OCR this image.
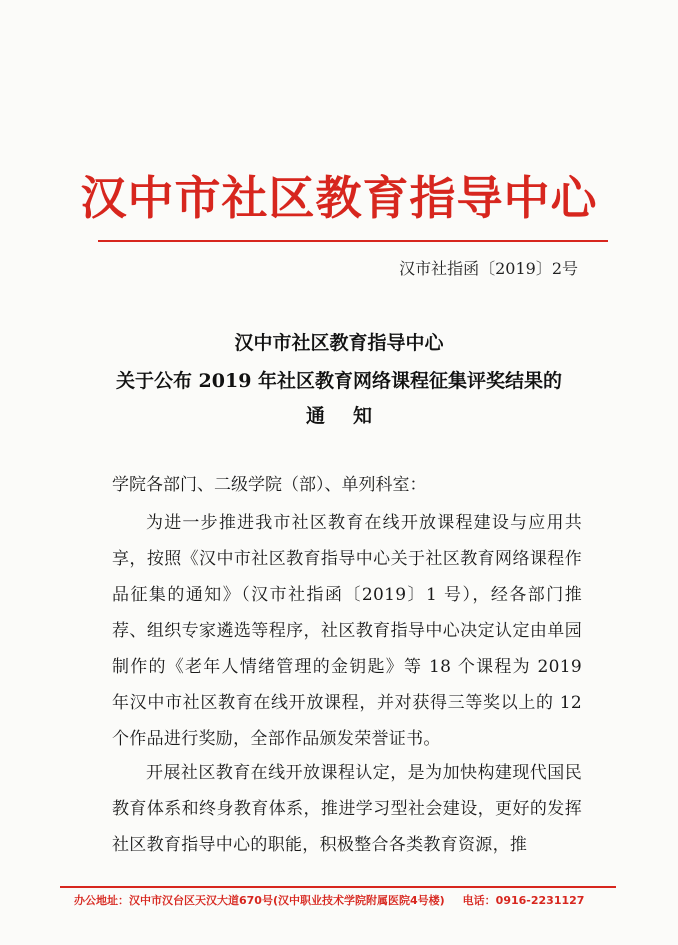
汉中市社区教育指导中心
汉市社指函〔2019〕2号
汉中市社区教育指导中心
关于公布 2019 年社区教育网络课程征集评奖结果的
通知
学院各部门、二级学院（部）、单列科室：
为进一步推进我市社区教育在线开放课程建设与应用共享，按照《汉中市社区教育指导中心关于社区教育网络课程作品征集的通知》（汉市社指函〔2019〕1 号），经各部门推荐、组织专家遴选等程序，社区教育指导中心决定认定由单园制作的《老年人情绪管理的金钥匙》等 18 个课程为 2019 年汉中市社区教育在线开放课程，并对获得三等奖以上的 12 个作品进行奖励，全部作品颁发荣誉证书。
开展社区教育在线开放课程认定，是为加快构建现代国民教育体系和终身教育体系，推进学习型社会建设，更好的发挥社区教育指导中心的职能，积极整合各类教育资源，推
办公地址：汉中市汉台区天汉大道670号(汉中职业技术学院附属医院4号楼) 电话：0916-2231127
